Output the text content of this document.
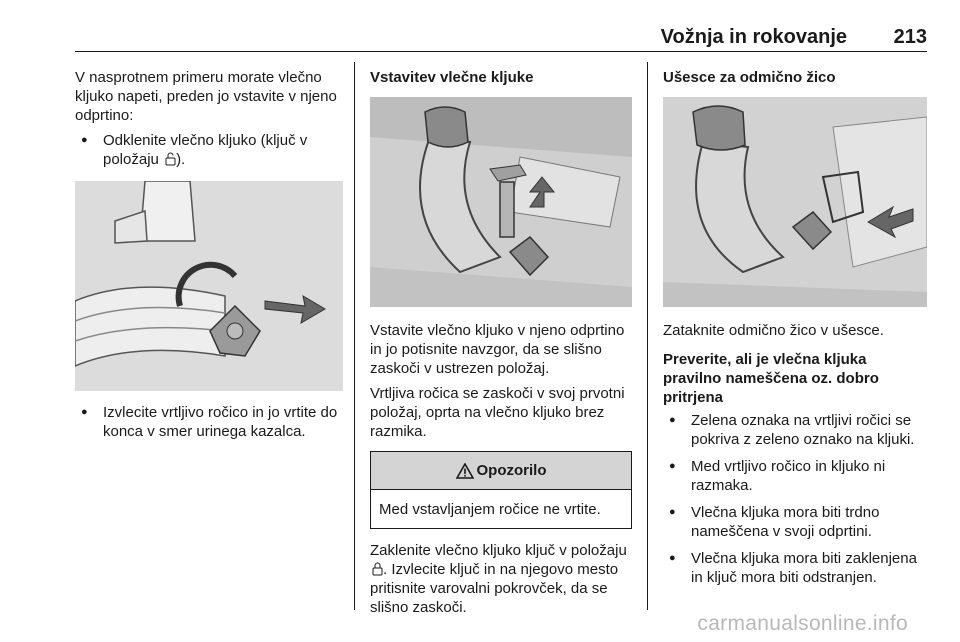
Vožnja in rokovanje 213

V nasprotnem primeru morate vlečno kljuko napeti, preden jo vstavite v njeno odprtino:

● Odklenite vlečno kljuko (ključ v položaju ).
● Izvlecite vrtljivo ročico in jo vrtite do konca v smer urinega kazalca.

Vstavitev vlečne kljuke

Vstavite vlečno kljuko v njeno odprtino in jo potisnite navzgor, da se slišno zaskoči v ustrezen položaj.

Vrtljiva ročica se zaskoči v svoj prvotni položaj, oprta na vlečno kljuko brez razmika.

Opozorilo
Med vstavljanjem ročice ne vrtite.

Zaklenite vlečno kljuko ključ v položaju . Izvlecite ključ in na njegovo mesto pritisnite varovalni pokrovček, da se slišno zaskoči.

Ušesce za odmično žico

Zataknite odmično žico v ušesce.

Preverite, ali je vlečna kljuka pravilno nameščena oz. dobro pritrjena

● Zelena oznaka na vrtljivi ročici se pokriva z zeleno oznako na kljuki.
● Med vrtljivo ročico in kljuko ni razmaka.
● Vlečna kljuka mora biti trdno nameščena v svoji odprtini.
● Vlečna kljuka mora biti zaklenjena in ključ mora biti odstranjen.
carmanualsonline.info
